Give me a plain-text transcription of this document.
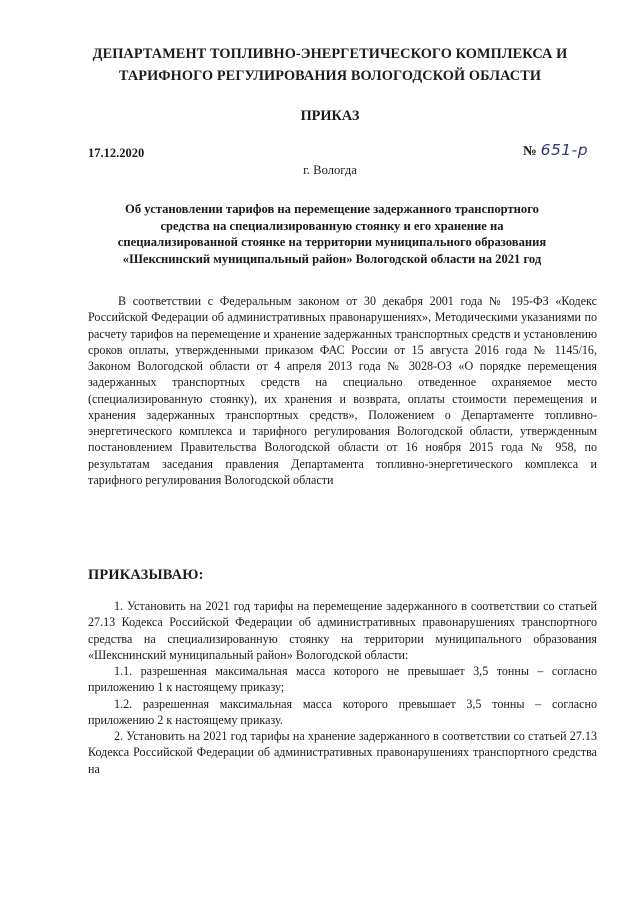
ДЕПАРТАМЕНТ ТОПЛИВНО-ЭНЕРГЕТИЧЕСКОГО КОМПЛЕКСА И ТАРИФНОГО РЕГУЛИРОВАНИЯ ВОЛОГОДСКОЙ ОБЛАСТИ
ПРИКАЗ
17.12.2020	№ 651-р
г. Вологда
Об установлении тарифов на перемещение задержанного транспортного средства на специализированную стоянку и его хранение на специализированной стоянке на территории муниципального образования «Шекснинский муниципальный район» Вологодской области на 2021 год

В соответствии с Федеральным законом от 30 декабря 2001 года № 195-ФЗ «Кодекс Российской Федерации об административных правонарушениях», Методическими указаниями по расчету тарифов на перемещение и хранение задержанных транспортных средств и установлению сроков оплаты, утвержденными приказом ФАС России от 15 августа 2016 года № 1145/16, Законом Вологодской области от 4 апреля 2013 года № 3028-ОЗ «О порядке перемещения задержанных транспортных средств на специально отведенное охраняемое место (специализированную стоянку), их хранения и возврата, оплаты стоимости перемещения и хранения задержанных транспортных средств», Положением о Департаменте топливно-энергетического комплекса и тарифного регулирования Вологодской области, утвержденным постановлением Правительства Вологодской области от 16 ноября 2015 года № 958, по результатам заседания правления Департамента топливно-энергетического комплекса и тарифного регулирования Вологодской области

ПРИКАЗЫВАЮ:

1. Установить на 2021 год тарифы на перемещение задержанного в соответствии со статьей 27.13 Кодекса Российской Федерации об административных правонарушениях транспортного средства на специализированную стоянку на территории муниципального образования «Шекснинский муниципальный район» Вологодской области:

1.1. разрешенная максимальная масса которого не превышает 3,5 тонны – согласно приложению 1 к настоящему приказу;

1.2. разрешенная максимальная масса которого превышает 3,5 тонны – согласно приложению 2 к настоящему приказу.

2. Установить на 2021 год тарифы на хранение задержанного в соответствии со статьей 27.13 Кодекса Российской Федерации об административных правонарушениях транспортного средства на
